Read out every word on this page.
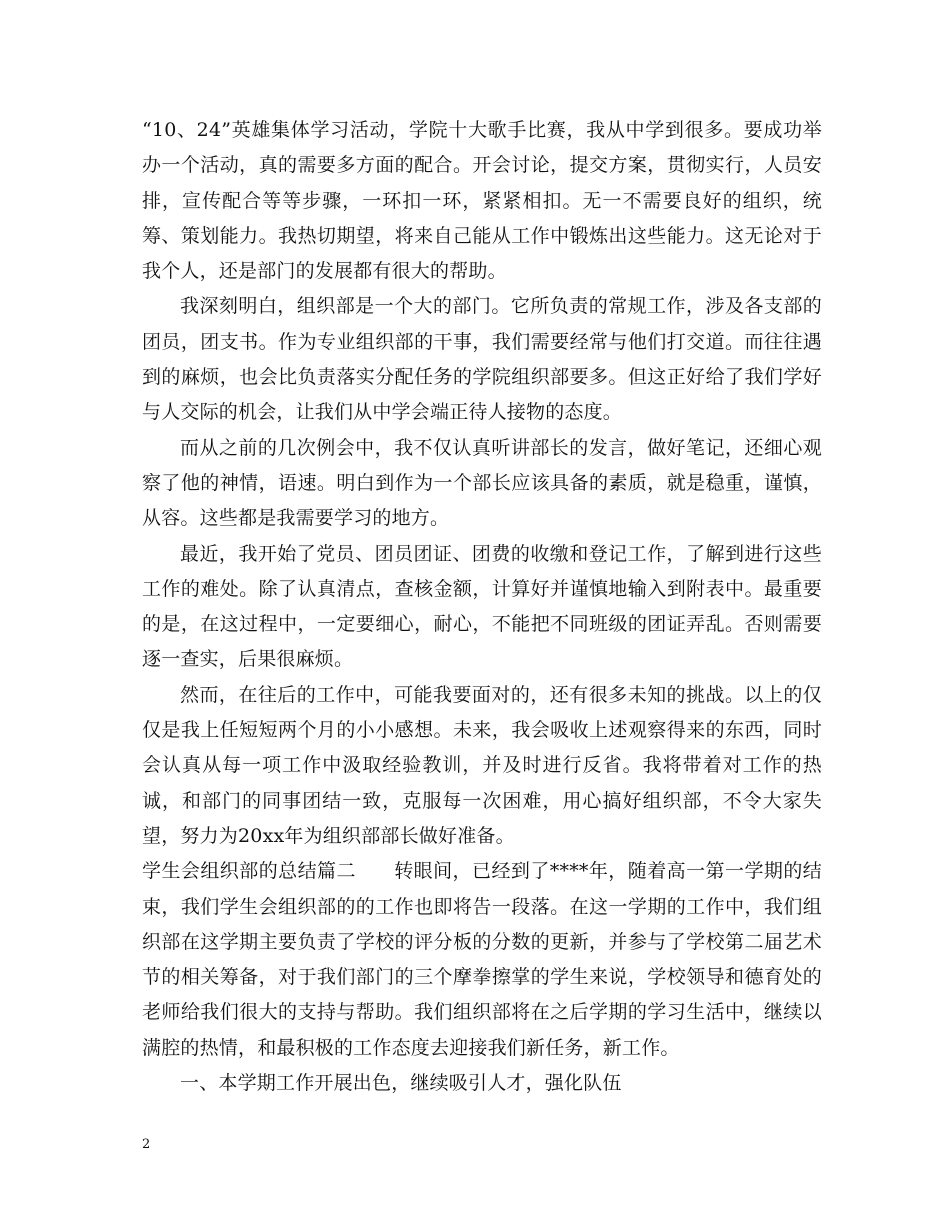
“10、24”英雄集体学习活动，学院十大歌手比赛，我从中学到很多。要成功举办一个活动，真的需要多方面的配合。开会讨论，提交方案，贯彻实行，人员安排，宣传配合等等步骤，一环扣一环，紧紧相扣。无一不需要良好的组织，统筹、策划能力。我热切期望，将来自己能从工作中锻炼出这些能力。这无论对于我个人，还是部门的发展都有很大的帮助。

我深刻明白，组织部是一个大的部门。它所负责的常规工作，涉及各支部的团员，团支书。作为专业组织部的干事，我们需要经常与他们打交道。而往往遇到的麻烦，也会比负责落实分配任务的学院组织部要多。但这正好给了我们学好与人交际的机会，让我们从中学会端正待人接物的态度。

而从之前的几次例会中，我不仅认真听讲部长的发言，做好笔记，还细心观察了他的神情，语速。明白到作为一个部长应该具备的素质，就是稳重，谨慎，从容。这些都是我需要学习的地方。

最近，我开始了党员、团员团证、团费的收缴和登记工作，了解到进行这些工作的难处。除了认真清点，查核金额，计算好并谨慎地输入到附表中。最重要的是，在这过程中，一定要细心，耐心，不能把不同班级的团证弄乱。否则需要逐一查实，后果很麻烦。

然而，在往后的工作中，可能我要面对的，还有很多未知的挑战。以上的仅仅是我上任短短两个月的小小感想。未来，我会吸收上述观察得来的东西，同时会认真从每一项工作中汲取经验教训，并及时进行反省。我将带着对工作的热诚，和部门的同事团结一致，克服每一次困难，用心搞好组织部，不令大家失望，努力为20xx年为组织部部长做好准备。

学生会组织部的总结篇二 转眼间，已经到了****年，随着高一第一学期的结束，我们学生会组织部的的工作也即将告一段落。在这一学期的工作中，我们组织部在这学期主要负责了学校的评分板的分数的更新，并参与了学校第二届艺术节的相关筹备，对于我们部门的三个摩拳擦掌的学生来说，学校领导和德育处的老师给我们很大的支持与帮助。我们组织部将在之后学期的学习生活中，继续以满腔的热情，和最积极的工作态度去迎接我们新任务，新工作。

一、本学期工作开展出色，继续吸引人才，强化队伍

2
